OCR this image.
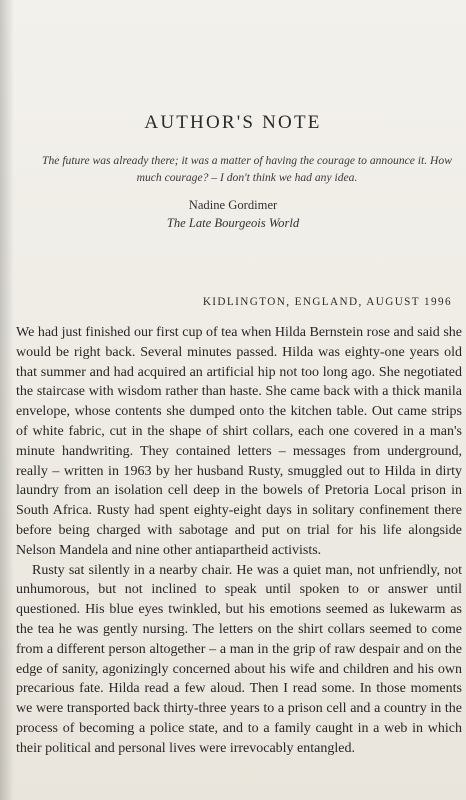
AUTHOR'S NOTE
The future was already there; it was a matter of having the courage to announce it. How much courage? – I don't think we had any idea.
Nadine Gordimer
The Late Bourgeois World
KIDLINGTON, ENGLAND, AUGUST 1996

We had just finished our first cup of tea when Hilda Bernstein rose and said she would be right back. Several minutes passed. Hilda was eighty-one years old that summer and had acquired an artificial hip not too long ago. She negotiated the staircase with wisdom rather than haste. She came back with a thick manila envelope, whose contents she dumped onto the kitchen table. Out came strips of white fabric, cut in the shape of shirt collars, each one covered in a man's minute handwriting. They contained letters – messages from underground, really – written in 1963 by her husband Rusty, smuggled out to Hilda in dirty laundry from an isolation cell deep in the bowels of Pretoria Local prison in South Africa. Rusty had spent eighty-eight days in solitary confinement there before being charged with sabotage and put on trial for his life alongside Nelson Mandela and nine other antiapartheid activists.

Rusty sat silently in a nearby chair. He was a quiet man, not unfriendly, not unhumorous, but not inclined to speak until spoken to or answer until questioned. His blue eyes twinkled, but his emotions seemed as lukewarm as the tea he was gently nursing. The letters on the shirt collars seemed to come from a different person altogether – a man in the grip of raw despair and on the edge of sanity, agonizingly concerned about his wife and children and his own precarious fate. Hilda read a few aloud. Then I read some. In those moments we were transported back thirty-three years to a prison cell and a country in the process of becoming a police state, and to a family caught in a web in which their political and personal lives were irrevocably entangled.
